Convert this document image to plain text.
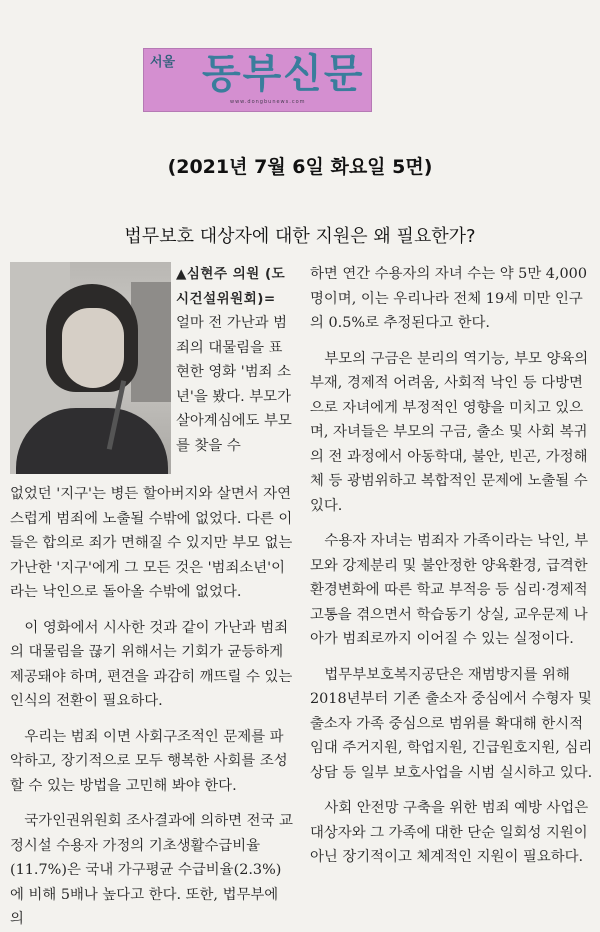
서울 동부신문
www.dongbunews.com
(2021년 7월 6일 화요일 5면)
법무보호 대상자에 대한 지원은 왜 필요한가?

▲심현주 의원 (도시건설위원회)= 얼마 전 가난과 범죄의 대물림을 표현한 영화 '범죄 소년'을 봤다. 부모가 살아계심에도 부모를 찾을 수

없었던 '지구'는 병든 할아버지와 살면서 자연스럽게 범죄에 노출될 수밖에 없었다. 다른 이들은 합의로 죄가 면해질 수 있지만 부모 없는 가난한 '지구'에게 그 모든 것은 '범죄소년'이라는 낙인으로 돌아올 수밖에 없었다.

이 영화에서 시사한 것과 같이 가난과 범죄의 대물림을 끊기 위해서는 기회가 균등하게 제공돼야 하며, 편견을 과감히 깨뜨릴 수 있는 인식의 전환이 필요하다.

우리는 범죄 이면 사회구조적인 문제를 파악하고, 장기적으로 모두 행복한 사회를 조성할 수 있는 방법을 고민해 봐야 한다.

국가인권위원회 조사결과에 의하면 전국 교정시설 수용자 가정의 기초생활수급비율(11.7%)은 국내 가구평균 수급비율(2.3%)에 비해 5배나 높다고 한다. 또한, 법무부에 의

하면 연간 수용자의 자녀 수는 약 5만 4,000명이며, 이는 우리나라 전체 19세 미만 인구의 0.5%로 추정된다고 한다.

부모의 구금은 분리의 역기능, 부모 양육의 부재, 경제적 어려움, 사회적 낙인 등 다방면으로 자녀에게 부정적인 영향을 미치고 있으며, 자녀들은 부모의 구금, 출소 및 사회 복귀의 전 과정에서 아동학대, 불안, 빈곤, 가정해체 등 광범위하고 복합적인 문제에 노출될 수 있다.

수용자 자녀는 범죄자 가족이라는 낙인, 부모와 강제분리 및 불안정한 양육환경, 급격한 환경변화에 따른 학교 부적응 등 심리·경제적 고통을 겪으면서 학습동기 상실, 교우문제 나아가 범죄로까지 이어질 수 있는 실정이다.

법무부보호복지공단은 재범방지를 위해 2018년부터 기존 출소자 중심에서 수형자 및 출소자 가족 중심으로 범위를 확대해 한시적 임대 주거지원, 학업지원, 긴급원호지원, 심리상담 등 일부 보호사업을 시범 실시하고 있다.

사회 안전망 구축을 위한 범죄 예방 사업은 대상자와 그 가족에 대한 단순 일회성 지원이 아닌 장기적이고 체계적인 지원이 필요하다.
